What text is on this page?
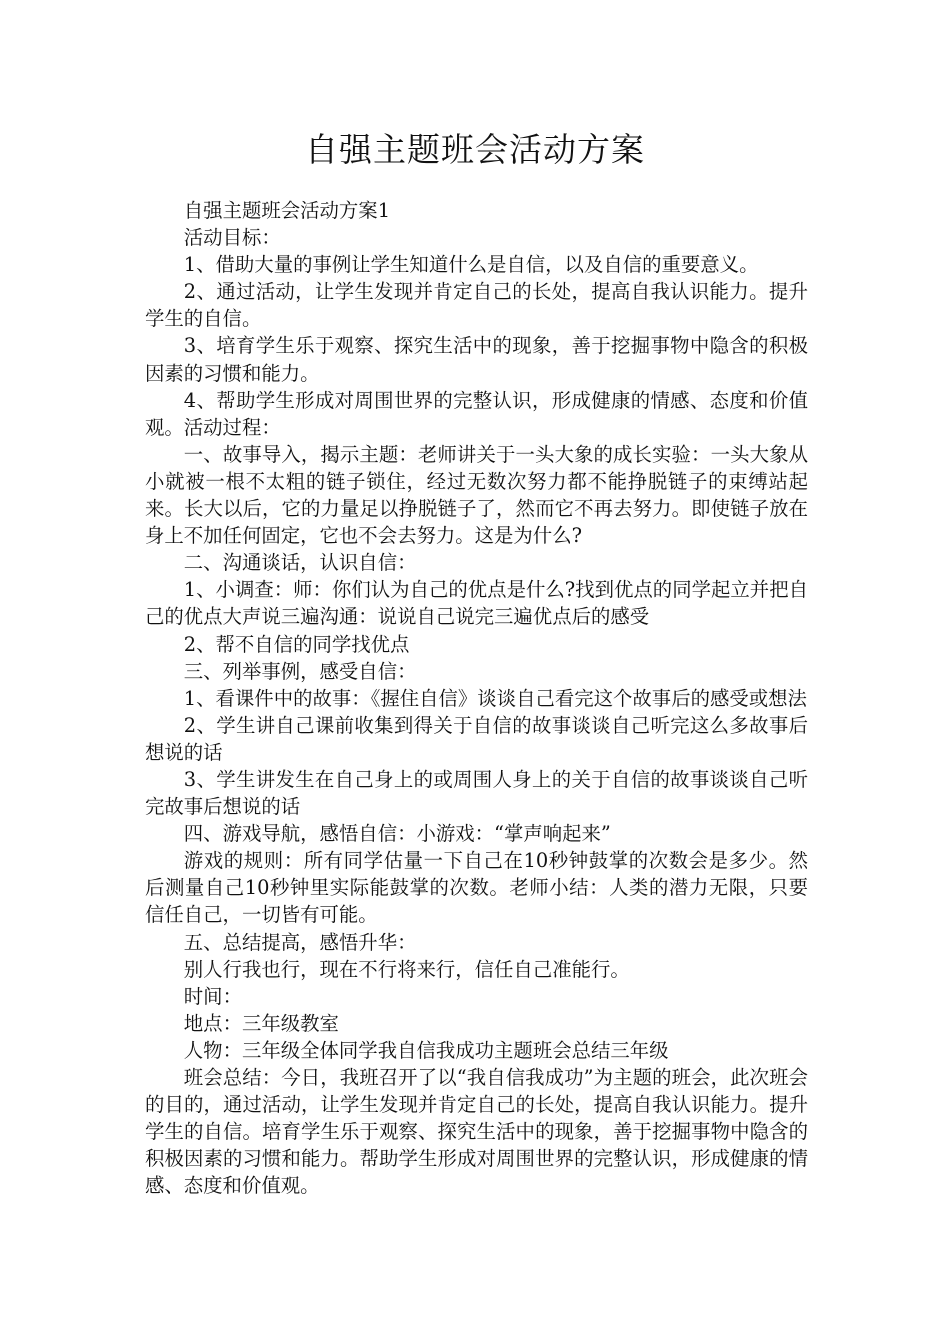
自强主题班会活动方案

自强主题班会活动方案1

活动目标：

1、借助大量的事例让学生知道什么是自信，以及自信的重要意义。

2、通过活动，让学生发现并肯定自己的长处，提高自我认识能力。提升学生的自信。

3、培育学生乐于观察、探究生活中的现象，善于挖掘事物中隐含的积极因素的习惯和能力。

4、帮助学生形成对周围世界的完整认识，形成健康的情感、态度和价值观。活动过程：

一、故事导入，揭示主题：老师讲关于一头大象的成长实验：一头大象从小就被一根不太粗的链子锁住，经过无数次努力都不能挣脱链子的束缚站起来。长大以后，它的力量足以挣脱链子了，然而它不再去努力。即使链子放在身上不加任何固定，它也不会去努力。这是为什么?

二、沟通谈话，认识自信：

1、小调查：师：你们认为自己的优点是什么?找到优点的同学起立并把自己的优点大声说三遍沟通：说说自己说完三遍优点后的感受

2、帮不自信的同学找优点

三、列举事例，感受自信：

1、看课件中的故事：《握住自信》谈谈自己看完这个故事后的感受或想法

2、学生讲自己课前收集到得关于自信的故事谈谈自己听完这么多故事后想说的话

3、学生讲发生在自己身上的或周围人身上的关于自信的故事谈谈自己听完故事后想说的话

四、游戏导航，感悟自信：小游戏：“掌声响起来”

游戏的规则：所有同学估量一下自己在10秒钟鼓掌的次数会是多少。然后测量自己10秒钟里实际能鼓掌的次数。老师小结：人类的潜力无限，只要信任自己，一切皆有可能。

五、总结提高，感悟升华：

别人行我也行，现在不行将来行，信任自己准能行。

时间：

地点：三年级教室

人物：三年级全体同学我自信我成功主题班会总结三年级

班会总结：今日，我班召开了以“我自信我成功”为主题的班会，此次班会的目的，通过活动，让学生发现并肯定自己的长处，提高自我认识能力。提升学生的自信。培育学生乐于观察、探究生活中的现象，善于挖掘事物中隐含的积极因素的习惯和能力。帮助学生形成对周围世界的完整认识，形成健康的情感、态度和价值观。
